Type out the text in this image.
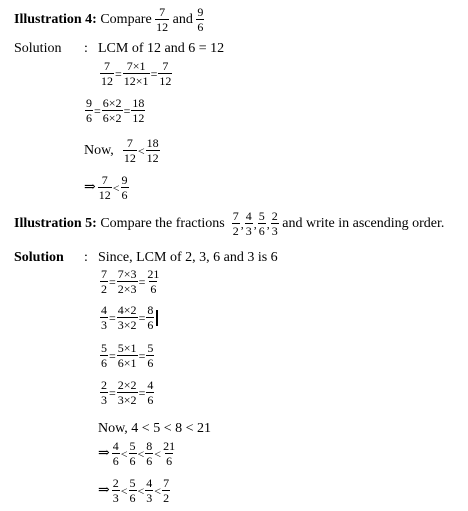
Illustration 4:
Compare
$\frac{7}{12}$
and
$\frac{9}{6}$
Solution : LCM of 12 and 6 = 12
$\frac{7}{12} = \frac{7\times 1}{12\times 1} = \frac{7}{12}$
$\frac{9}{6} = \frac{6\times 2}{6\times 2} = \frac{18}{12}$
Now,
$\frac{7}{12} < \frac{18}{12}$
⇒ $\frac{7}{12} < \frac{9}{6}$
Illustration 5:
Compare the fractions
$\frac{7}{2}$ , $\frac{4}{3}$ , $\frac{5}{6}$ , $\frac{2}{3}$
and write in ascending order.
Solution : Since, LCM of 2, 3, 6 and 3 is 6
$\frac{7}{2} = \frac{7\times 3}{2\times 3} = \frac{21}{6}$
$\frac{4}{3} = \frac{4\times 2}{3\times 2} = \frac{8}{6}$
$\frac{5}{6} = \frac{5\times 1}{6\times 1} = \frac{5}{6}$
$\frac{2}{3} = \frac{2\times 2}{3\times 2} = \frac{4}{6}$
Now, 4 < 5 < 8 < 21
⇒ $\frac{4}{6} < \frac{5}{6} < \frac{8}{6} < \frac{21}{6}$
⇒ $\frac{2}{3} < \frac{5}{6} < \frac{4}{3} < \frac{7}{2}$
